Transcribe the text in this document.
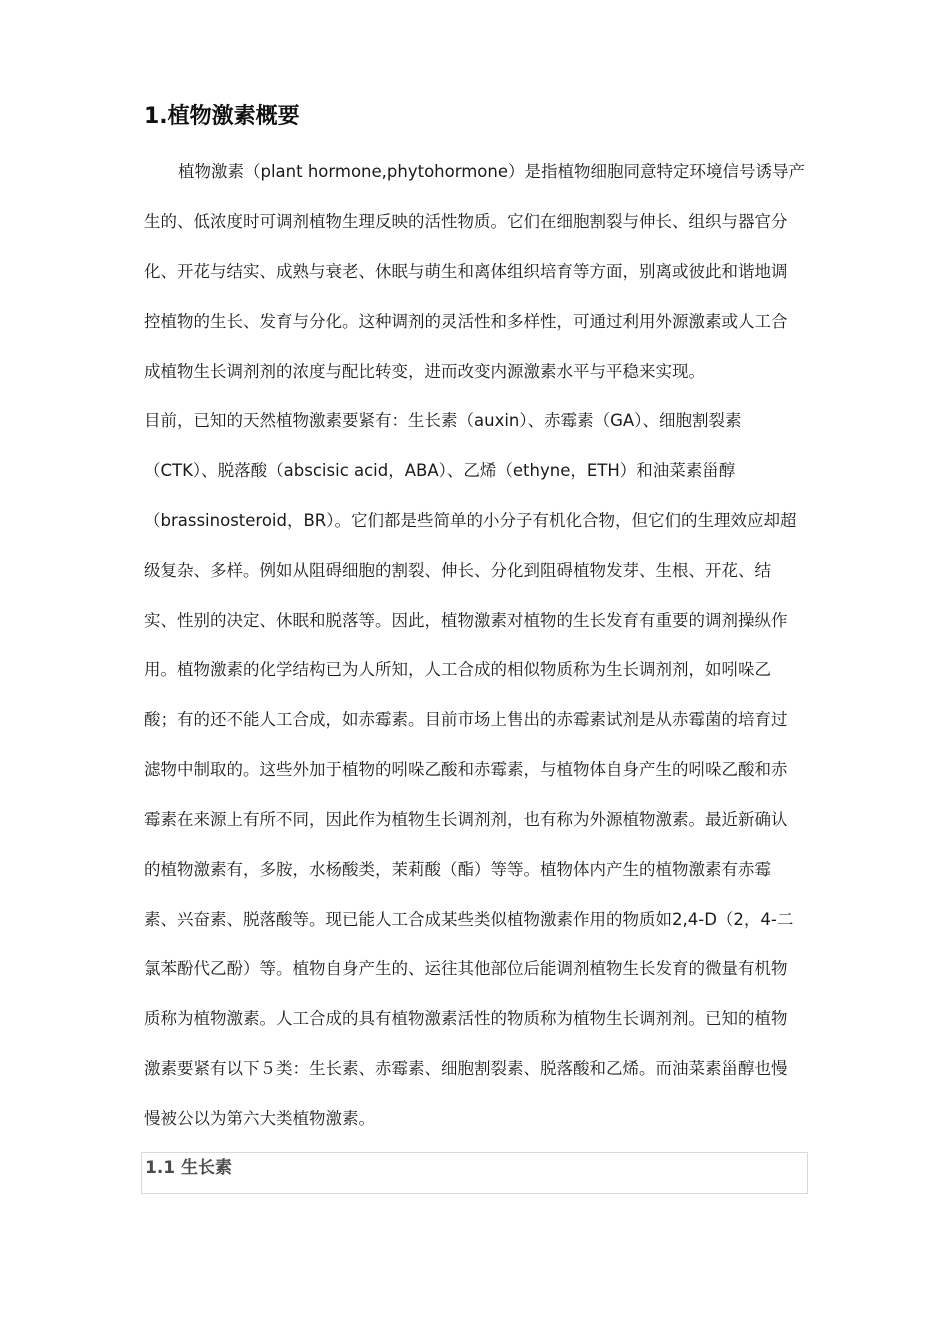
1.植物激素概要
植物激素（plant hormone,phytohormone）是指植物细胞同意特定环境信号诱导产
生的、低浓度时可调剂植物生理反映的活性物质。它们在细胞割裂与伸长、组织与器官分
化、开花与结实、成熟与衰老、休眠与萌生和离体组织培育等方面，别离或彼此和谐地调
控植物的生长、发育与分化。这种调剂的灵活性和多样性，可通过利用外源激素或人工合
成植物生长调剂剂的浓度与配比转变，进而改变内源激素水平与平稳来实现。
目前，已知的天然植物激素要紧有：生长素（auxin）、赤霉素（GA）、细胞割裂素
（CTK）、脱落酸（abscisic acid，ABA）、乙烯（ethyne，ETH）和油菜素甾醇
（brassinosteroid，BR）。它们都是些简单的小分子有机化合物，但它们的生理效应却超
级复杂、多样。例如从阻碍细胞的割裂、伸长、分化到阻碍植物发芽、生根、开花、结
实、性别的决定、休眠和脱落等。因此，植物激素对植物的生长发育有重要的调剂操纵作
用。植物激素的化学结构已为人所知，人工合成的相似物质称为生长调剂剂，如吲哚乙
酸；有的还不能人工合成，如赤霉素。目前市场上售出的赤霉素试剂是从赤霉菌的培育过
滤物中制取的。这些外加于植物的吲哚乙酸和赤霉素，与植物体自身产生的吲哚乙酸和赤
霉素在来源上有所不同，因此作为植物生长调剂剂，也有称为外源植物激素。最近新确认
的植物激素有，多胺，水杨酸类，茉莉酸（酯）等等。植物体内产生的植物激素有赤霉
素、兴奋素、脱落酸等。现已能人工合成某些类似植物激素作用的物质如2,4-D（2，4-二
氯苯酚代乙酚）等。植物自身产生的、运往其他部位后能调剂植物生长发育的微量有机物
质称为植物激素。人工合成的具有植物激素活性的物质称为植物生长调剂剂。已知的植物
激素要紧有以下５类：生长素、赤霉素、细胞割裂素、脱落酸和乙烯。而油菜素甾醇也慢
慢被公以为第六大类植物激素。
1.1 生长素
